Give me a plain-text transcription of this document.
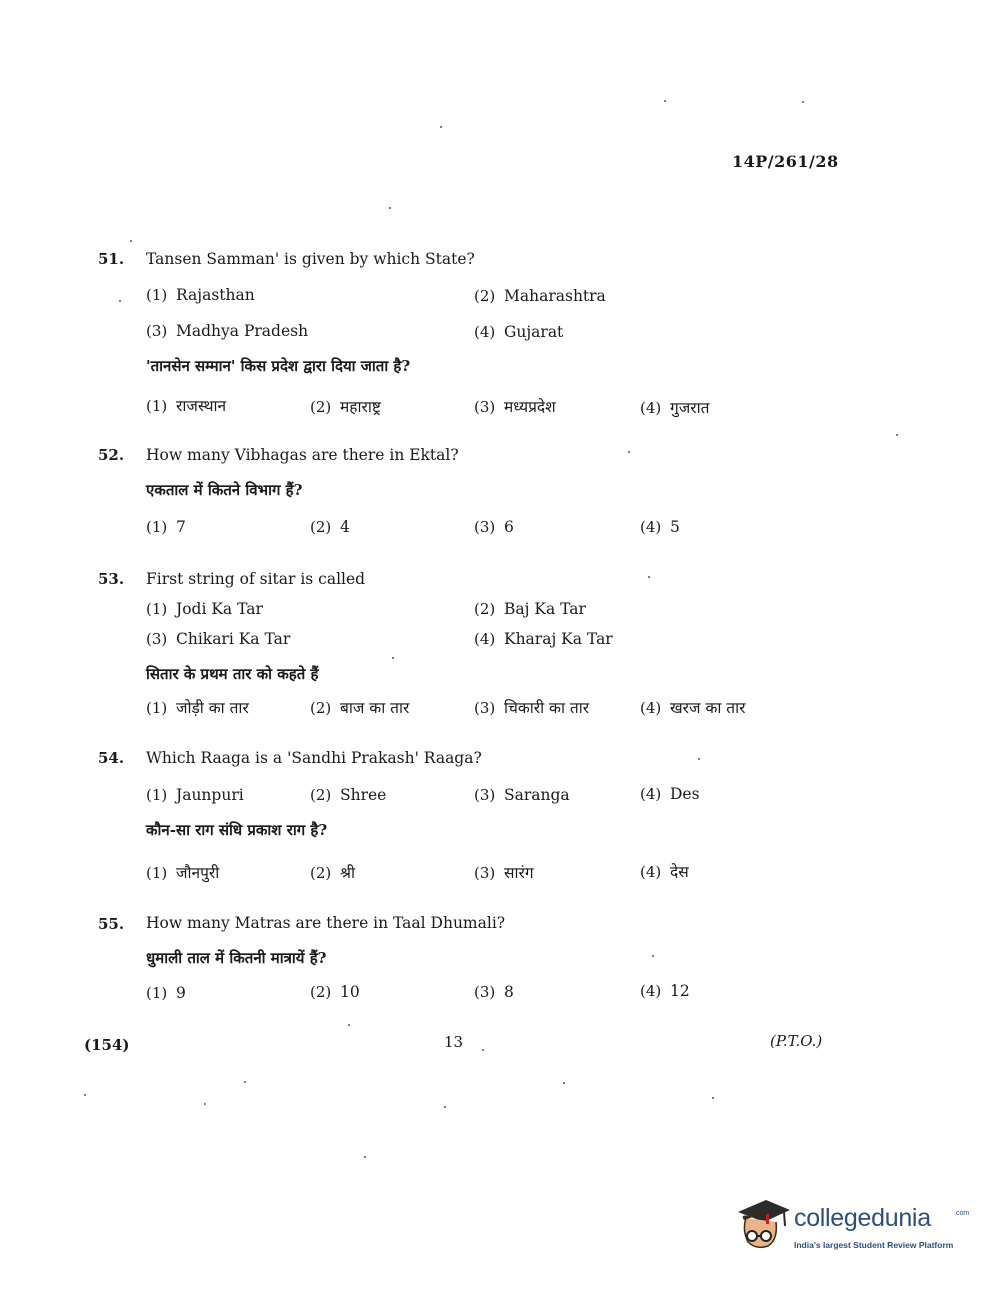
14P/261/28
51. Tansen Samman' is given by which State?
(1) Rajasthan	(2) Maharashtra
(3) Madhya Pradesh	(4) Gujarat
'तानसेन सम्मान' किस प्रदेश द्वारा दिया जाता है?
(1) राजस्थान	(2) महाराष्ट्र	(3) मध्यप्रदेश	(4) गुजरात
52. How many Vibhagas are there in Ektal?
एकताल में कितने विभाग हैं?
(1) 7	(2) 4	(3) 6	(4) 5
53. First string of sitar is called
(1) Jodi Ka Tar	(2) Baj Ka Tar
(3) Chikari Ka Tar	(4) Kharaj Ka Tar
सितार के प्रथम तार को कहते हैं
(1) जोड़ी का तार	(2) बाज का तार	(3) चिकारी का तार	(4) खरज का तार
54. Which Raaga is a 'Sandhi Prakash' Raaga?
(1) Jaunpuri	(2) Shree	(3) Saranga	(4) Des
कौन-सा राग संधि प्रकाश राग है?
(1) जौनपुरी	(2) श्री	(3) सारंग	(4) देस
55. How many Matras are there in Taal Dhumali?
धुमाली ताल में कितनी मात्रायें हैं?
(1) 9	(2) 10	(3) 8	(4) 12
(154)	13	(P.T.O.)
collegedunia	.com
India's largest Student Review Platform
